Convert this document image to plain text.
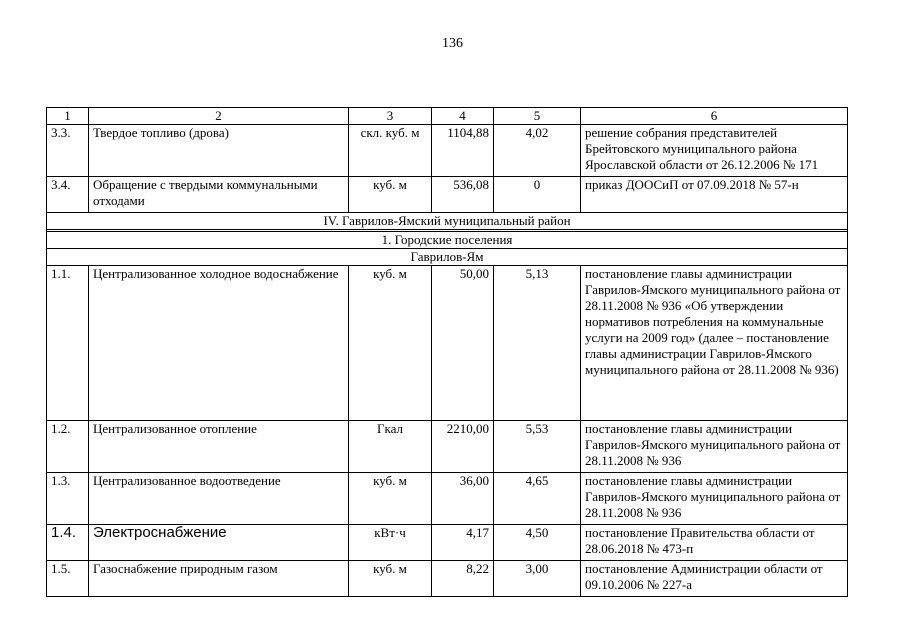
136
1	2	3	4	5	6
3.3.	Твердое топливо (дрова)	скл. куб. м	1104,88	4,02	решение собрания представителей Брейтовского муниципального района Ярославской области от 26.12.2006 № 171
3.4.	Обращение с твердыми коммунальными отходами	куб. м	536,08	0	приказ ДООСиП от 07.09.2018 № 57-н
IV. Гаврилов-Ямский муниципальный район					

1. Городские поселения					
Гаврилов-Ям					
1.1.	Централизованное холодное водоснабжение	куб. м	50,00	5,13	постановление главы администрации Гаврилов-Ямского муниципального района от 28.11.2008 № 936 «Об утверждении нормативов потребления на коммунальные услуги на 2009 год» (далее – постановление главы администрации Гаврилов-Ямского муниципального района от 28.11.2008 № 936)
1.2.	Централизованное отопление	Гкал	2210,00	5,53	постановление главы администрации Гаврилов-Ямского муниципального района от 28.11.2008 № 936
1.3.	Централизованное водоотведение	куб. м	36,00	4,65	постановление главы администрации Гаврилов-Ямского муниципального района от 28.11.2008 № 936
1.4.	Электроснабжение	кВт·ч	4,17	4,50	постановление Правительства области от 28.06.2018 № 473-п
1.5.	Газоснабжение природным газом	куб. м	8,22	3,00	постановление Администрации области от 09.10.2006 № 227-а
